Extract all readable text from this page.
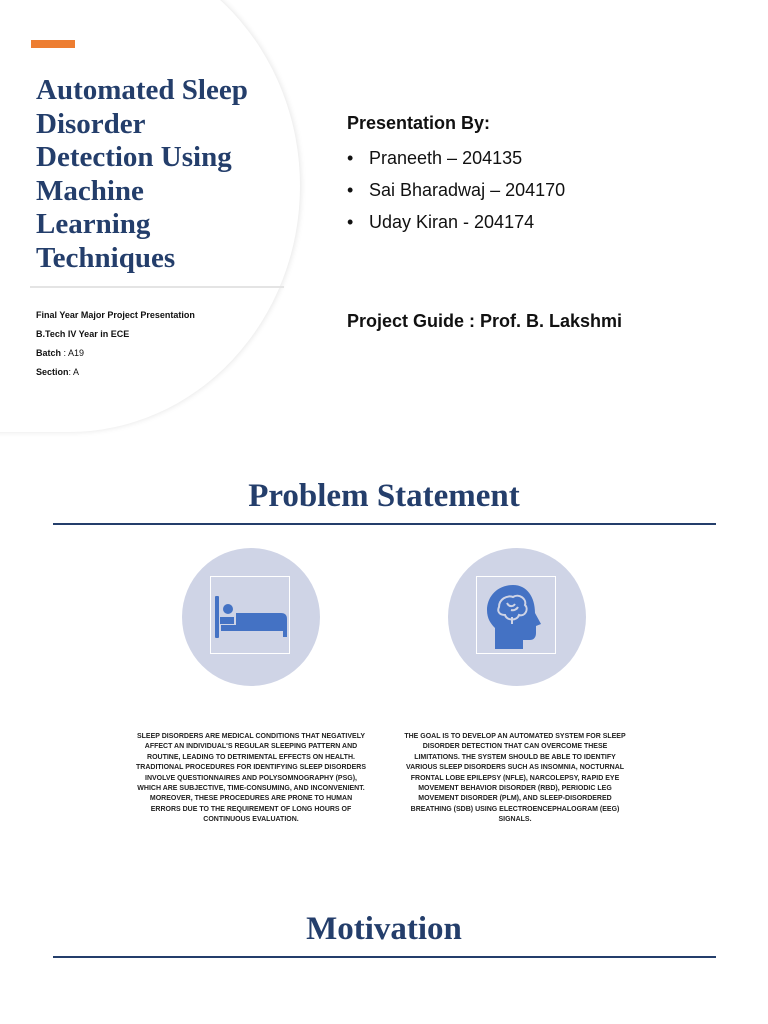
Automated Sleep
Disorder
Detection Using
Machine
Learning
Techniques
Final Year Major Project Presentation
B.Tech IV Year in ECE
Batch : A19
Section: A
Presentation By:
• Praneeth – 204135
• Sai Bharadwaj – 204170
• Uday Kiran - 204174
Project Guide : Prof. B. Lakshmi
Problem Statement

SLEEP DISORDERS ARE MEDICAL CONDITIONS THAT NEGATIVELY AFFECT AN INDIVIDUAL'S REGULAR SLEEPING PATTERN AND ROUTINE, LEADING TO DETRIMENTAL EFFECTS ON HEALTH. TRADITIONAL PROCEDURES FOR IDENTIFYING SLEEP DISORDERS INVOLVE QUESTIONNAIRES AND POLYSOMNOGRAPHY (PSG), WHICH ARE SUBJECTIVE, TIME-CONSUMING, AND INCONVENIENT. MOREOVER, THESE PROCEDURES ARE PRONE TO HUMAN ERRORS DUE TO THE REQUIREMENT OF LONG HOURS OF CONTINUOUS EVALUATION.

THE GOAL IS TO DEVELOP AN AUTOMATED SYSTEM FOR SLEEP DISORDER DETECTION THAT CAN OVERCOME THESE LIMITATIONS. THE SYSTEM SHOULD BE ABLE TO IDENTIFY VARIOUS SLEEP DISORDERS SUCH AS INSOMNIA, NOCTURNAL FRONTAL LOBE EPILEPSY (NFLE), NARCOLEPSY, RAPID EYE MOVEMENT BEHAVIOR DISORDER (RBD), PERIODIC LEG MOVEMENT DISORDER (PLM), AND SLEEP-DISORDERED BREATHING (SDB) USING ELECTROENCEPHALOGRAM (EEG) SIGNALS.

Motivation
